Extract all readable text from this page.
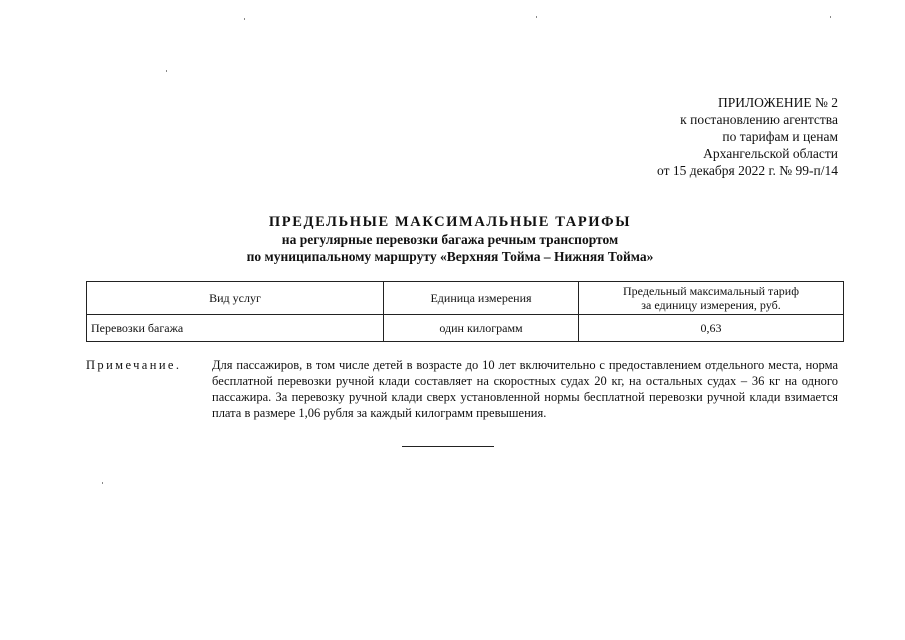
ПРИЛОЖЕНИЕ № 2
к постановлению агентства
по тарифам и ценам
Архангельской области
от 15 декабря 2022 г. № 99-п/14
ПРЕДЕЛЬНЫЕ МАКСИМАЛЬНЫЕ ТАРИФЫ
на регулярные перевозки багажа речным транспортом
по муниципальному маршруту «Верхняя Тойма – Нижняя Тойма»
Вид услуг	Единица измерения	Предельный максимальный тариф
за единицу измерения, руб.

Перевозки багажа	один килограмм	0,63
Примечание. Для пассажиров, в том числе детей в возрасте до 10 лет включительно с предоставлением отдельного места, норма бесплатной перевозки ручной клади составляет на скоростных судах 20 кг, на остальных судах – 36 кг на одного пассажира. За перевозку ручной клади сверх установленной нормы бесплатной перевозки ручной клади взимается плата в размере 1,06 рубля за каждый килограмм превышения.
